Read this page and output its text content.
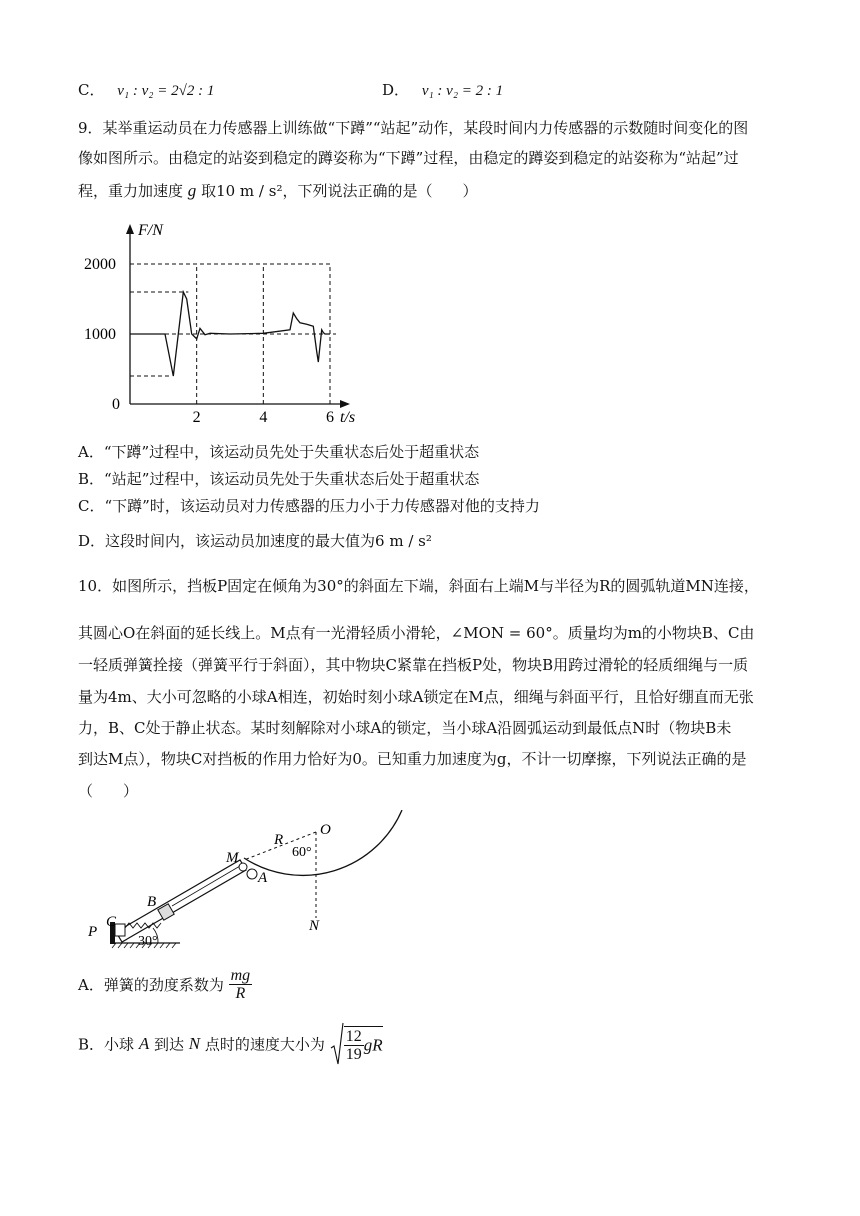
C． v₁ : v₂ = 2√2 : 1	D． v₁ : v₂ = 2 : 1
9．某举重运动员在力传感器上训练做“下蹲”“站起”动作，某段时间内力传感器的示数随时间变化的图
像如图所示。由稳定的站姿到稳定的蹲姿称为“下蹲”过程，由稳定的蹲姿到稳定的站姿称为“站起”过
程，重力加速度 g 取10 m / s²，下列说法正确的是（　　）
2000
1000
0
2	4	6
F/N
t/s
A．“下蹲”过程中，该运动员先处于失重状态后处于超重状态
B．“站起”过程中，该运动员先处于失重状态后处于超重状态
C．“下蹲”时，该运动员对力传感器的压力小于力传感器对他的支持力
D．这段时间内，该运动员加速度的最大值为6 m / s²
10．如图所示，挡板P固定在倾角为30°的斜面左下端，斜面右上端M与半径为R的圆弧轨道MN连接，
其圆心O在斜面的延长线上。M点有一光滑轻质小滑轮，∠MON = 60°。质量均为m的小物块B、C由
一轻质弹簧拴接（弹簧平行于斜面），其中物块C紧靠在挡板P处，物块B用跨过滑轮的轻质细绳与一质
量为4m、大小可忽略的小球A相连，初始时刻小球A锁定在M点，细绳与斜面平行，且恰好绷直而无张
力，B、C处于静止状态。某时刻解除对小球A的锁定，当小球A沿圆弧运动到最低点N时（物块B未
到达M点），物块C对挡板的作用力恰好为0。已知重力加速度为g，不计一切摩擦，下列说法正确的是
（　　）
R
O
M
A
B
C
P	N
60°
30°
A．弹簧的劲度系数为 $\frac{mg}{R}$
B．小球 A 到达 N 点时的速度大小为 $\frac{12}{19}$ gR
